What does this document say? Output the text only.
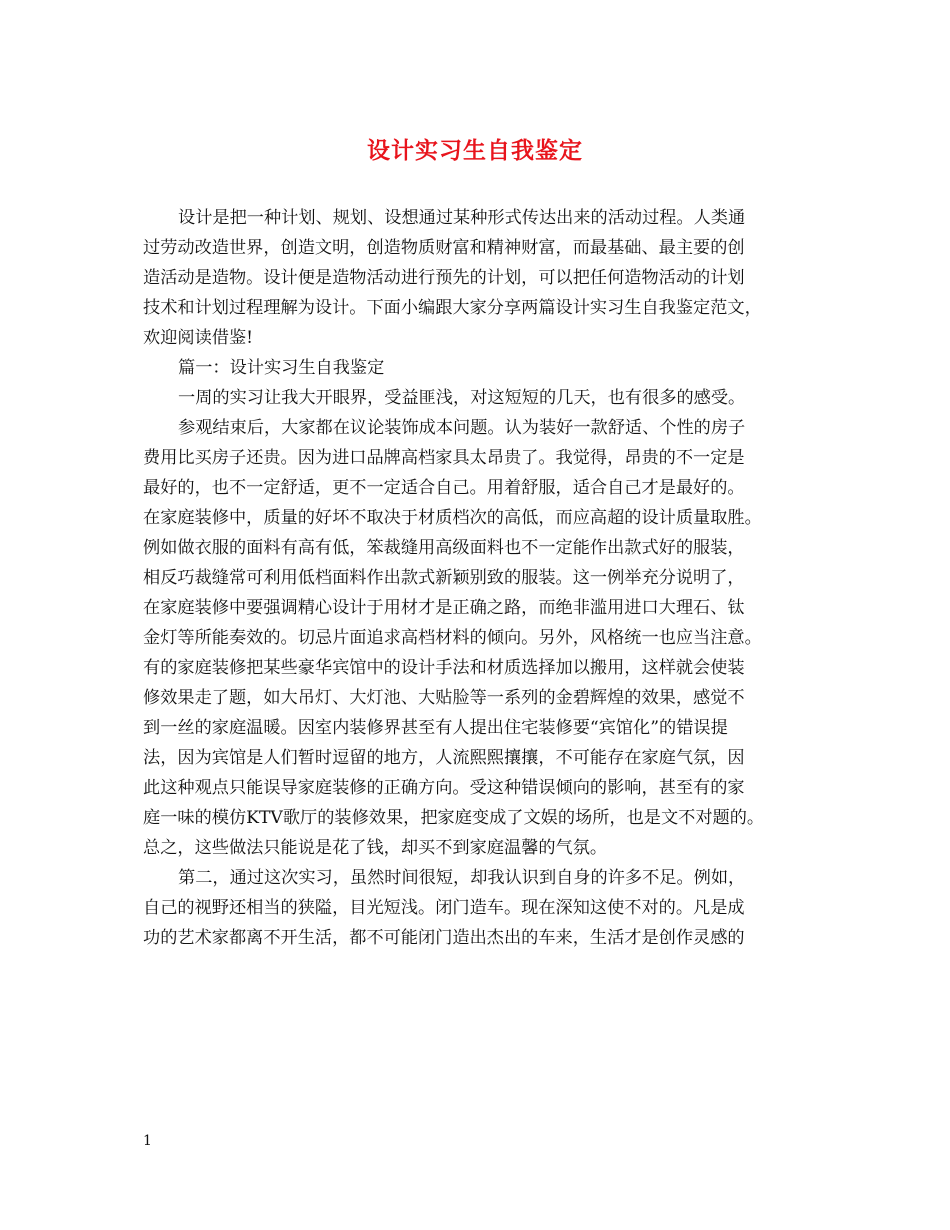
设计实习生自我鉴定
设计是把一种计划、规划、设想通过某种形式传达出来的活动过程。人类通
过劳动改造世界，创造文明，创造物质财富和精神财富，而最基础、最主要的创
造活动是造物。设计便是造物活动进行预先的计划，可以把任何造物活动的计划
技术和计划过程理解为设计。下面小编跟大家分享两篇设计实习生自我鉴定范文，
欢迎阅读借鉴!
篇一：设计实习生自我鉴定
一周的实习让我大开眼界，受益匪浅，对这短短的几天，也有很多的感受。
参观结束后，大家都在议论装饰成本问题。认为装好一款舒适、个性的房子
费用比买房子还贵。因为进口品牌高档家具太昂贵了。我觉得，昂贵的不一定是
最好的，也不一定舒适，更不一定适合自己。用着舒服，适合自己才是最好的。
在家庭装修中，质量的好坏不取决于材质档次的高低，而应高超的设计质量取胜。
例如做衣服的面料有高有低，笨裁缝用高级面料也不一定能作出款式好的服装，
相反巧裁缝常可利用低档面料作出款式新颖别致的服装。这一例举充分说明了，
在家庭装修中要强调精心设计于用材才是正确之路，而绝非滥用进口大理石、钛
金灯等所能奏效的。切忌片面追求高档材料的倾向。另外，风格统一也应当注意。
有的家庭装修把某些豪华宾馆中的设计手法和材质选择加以搬用，这样就会使装
修效果走了题，如大吊灯、大灯池、大贴脸等一系列的金碧辉煌的效果，感觉不
到一丝的家庭温暖。因室内装修界甚至有人提出住宅装修要“宾馆化”的错误提
法，因为宾馆是人们暂时逗留的地方，人流熙熙攘攘，不可能存在家庭气氛，因
此这种观点只能误导家庭装修的正确方向。受这种错误倾向的影响，甚至有的家
庭一味的模仿KTV歌厅的装修效果，把家庭变成了文娱的场所，也是文不对题的。
总之，这些做法只能说是花了钱，却买不到家庭温馨的气氛。
第二，通过这次实习，虽然时间很短，却我认识到自身的许多不足。例如，
自己的视野还相当的狭隘，目光短浅。闭门造车。现在深知这使不对的。凡是成
功的艺术家都离不开生活，都不可能闭门造出杰出的车来，生活才是创作灵感的
1
